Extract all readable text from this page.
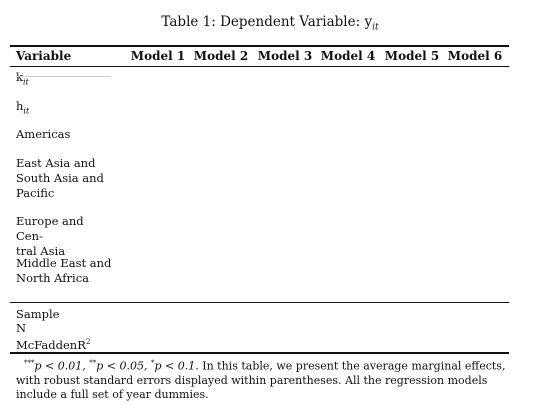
Table 1: Dependent Variable: $y_{it}$
Variable	Model 1 Model 2 Model 3 Model 4 Model 5 Model 6
$k_{it}$
$h_{it}$
Americas
East Asia and
South Asia and
Pacific
Europe and Cen-
tral Asia
Middle East and
North Africa
Sample
N
McFaddenR$^2$
***p < 0.01, **p < 0.05, *p < 0.1. In this table, we present the average marginal effects, with robust standard errors displayed within parentheses. All the regression models include a full set of year dummies.
